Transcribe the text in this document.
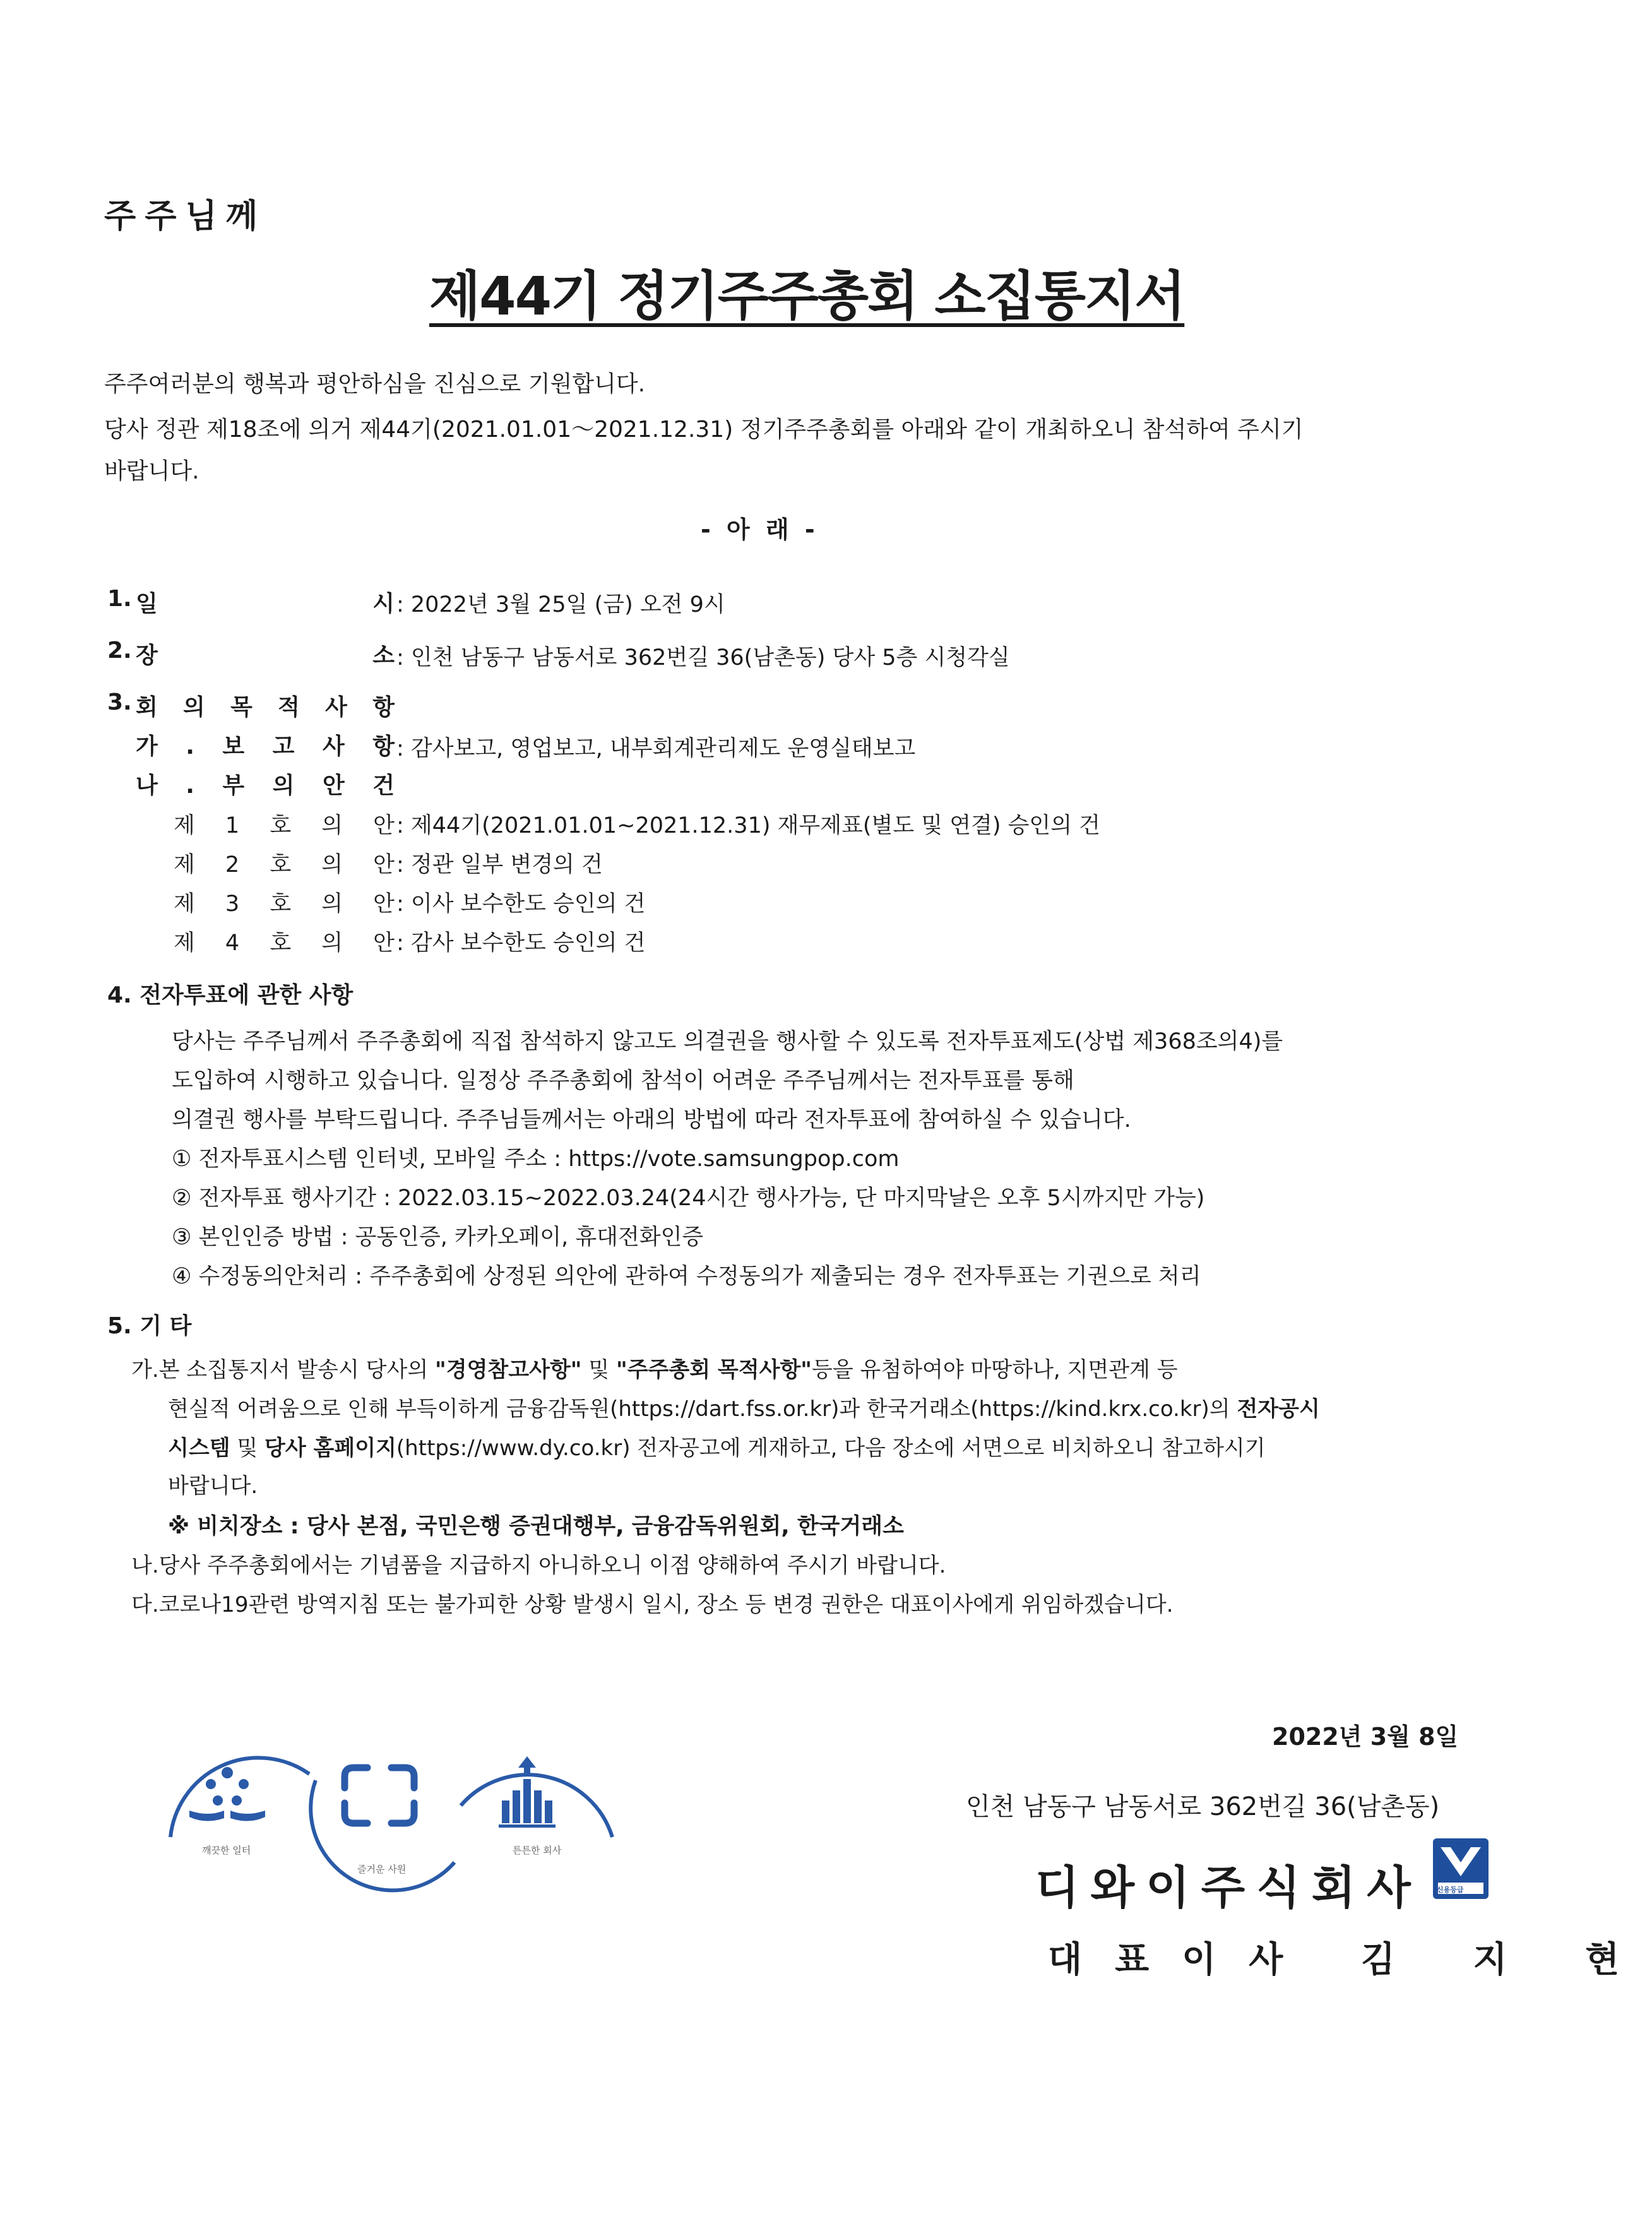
주주님께
제44기 정기주주총회 소집통지서
주주여러분의 행복과 평안하심을 진심으로 기원합니다.
당사 정관 제18조에 의거 제44기(2021.01.01～2021.12.31) 정기주주총회를 아래와 같이 개최하오니 참석하여 주시기
바랍니다.
- 아 래 -
1. 일 시 : 2022년 3월 25일 (금) 오전 9시
2. 장 소 : 인천 남동구 남동서로 362번길 36(남촌동) 당사 5층 시청각실
3. 회 의 목 적 사 항
가 . 보 고 사 항 : 감사보고, 영업보고, 내부회계관리제도 운영실태보고
나 . 부 의 안 건
제 1 호 의 안 : 제44기(2021.01.01~2021.12.31) 재무제표(별도 및 연결) 승인의 건
제 2 호 의 안 : 정관 일부 변경의 건
제 3 호 의 안 : 이사 보수한도 승인의 건
제 4 호 의 안 : 감사 보수한도 승인의 건
4. 전자투표에 관한 사항
당사는 주주님께서 주주총회에 직접 참석하지 않고도 의결권을 행사할 수 있도록 전자투표제도(상법 제368조의4)를
도입하여 시행하고 있습니다. 일정상 주주총회에 참석이 어려운 주주님께서는 전자투표를 통해
의결권 행사를 부탁드립니다. 주주님들께서는 아래의 방법에 따라 전자투표에 참여하실 수 있습니다.
① 전자투표시스템 인터넷, 모바일 주소 : https://vote.samsungpop.com
② 전자투표 행사기간 : 2022.03.15~2022.03.24(24시간 행사가능, 단 마지막날은 오후 5시까지만 가능)
③ 본인인증 방법 : 공동인증, 카카오페이, 휴대전화인증
④ 수정동의안처리 : 주주총회에 상정된 의안에 관하여 수정동의가 제출되는 경우 전자투표는 기권으로 처리
5. 기 타
가.본 소집통지서 발송시 당사의 "경영참고사항" 및 "주주총회 목적사항"등을 유첨하여야 마땅하나, 지면관계 등
현실적 어려움으로 인해 부득이하게 금융감독원(https://dart.fss.or.kr)과 한국거래소(https://kind.krx.co.kr)의 전자공시
시스템 및 당사 홈페이지(https://www.dy.co.kr) 전자공고에 게재하고, 다음 장소에 서면으로 비치하오니 참고하시기
바랍니다.
※ 비치장소 : 당사 본점, 국민은행 증권대행부, 금융감독위원회, 한국거래소
나.당사 주주총회에서는 기념품을 지급하지 아니하오니 이점 양해하여 주시기 바랍니다.
다.코로나19관련 방역지침 또는 불가피한 상황 발생시 일시, 장소 등 변경 권한은 대표이사에게 위임하겠습니다.
깨끗한 일터
즐거운 사원
튼튼한 회사
2022년 3월 8일
인천 남동구 남동서로 362번길 36(남촌동)
디와이주식회사 신용등급
대표이사 김 지 현
